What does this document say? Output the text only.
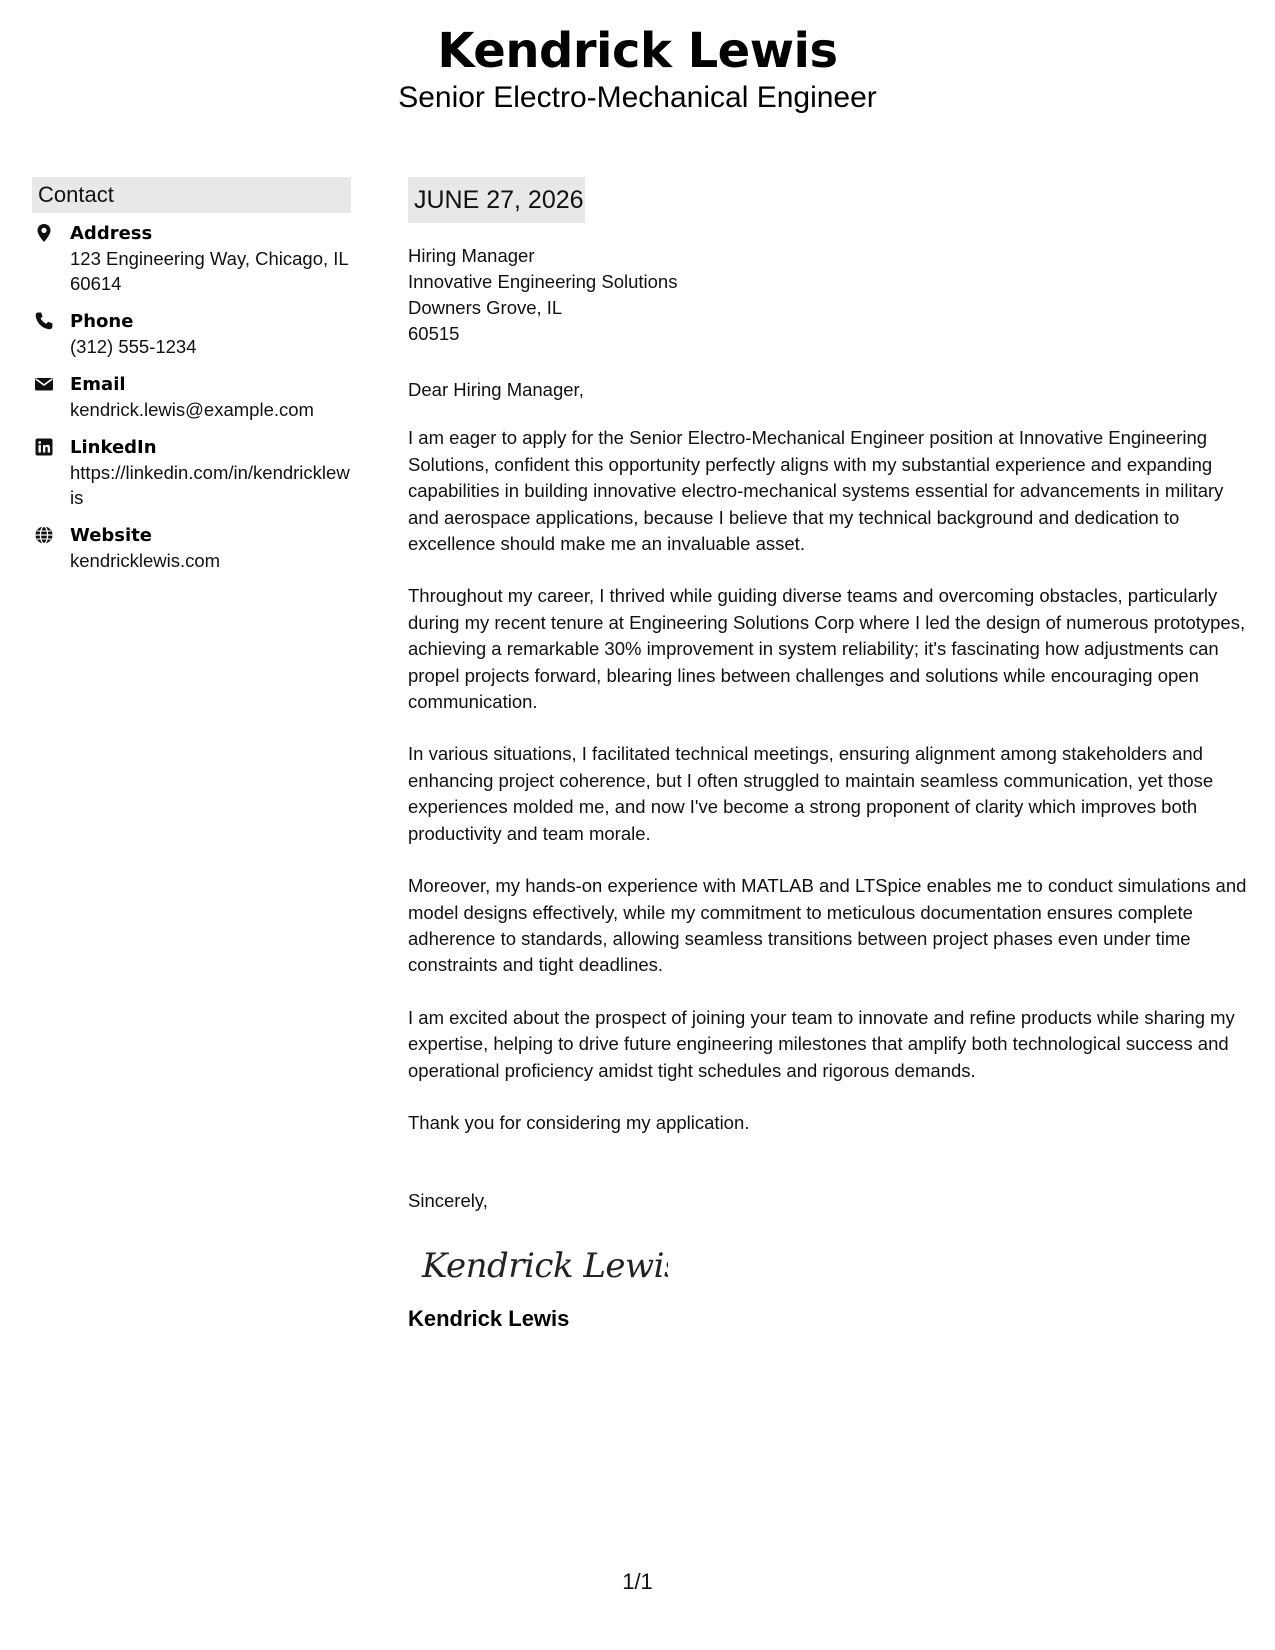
Kendrick Lewis
Senior Electro-Mechanical Engineer
Contact
Address
123 Engineering Way, Chicago, IL 60614
Phone
(312) 555-1234
Email
kendrick.lewis@example.com
LinkedIn
https://linkedin.com/in/kendricklewis
Website
kendricklewis.com
JUNE 27, 2026
Hiring Manager
Innovative Engineering Solutions
Downers Grove, IL
60515

Dear Hiring Manager,

I am eager to apply for the Senior Electro-Mechanical Engineer position at Innovative Engineering Solutions, confident this opportunity perfectly aligns with my substantial experience and expanding capabilities in building innovative electro-mechanical systems essential for advancements in military and aerospace applications, because I believe that my technical background and dedication to excellence should make me an invaluable asset.

Throughout my career, I thrived while guiding diverse teams and overcoming obstacles, particularly during my recent tenure at Engineering Solutions Corp where I led the design of numerous prototypes, achieving a remarkable 30% improvement in system reliability; it's fascinating how adjustments can propel projects forward, blearing lines between challenges and solutions while encouraging open communication.

In various situations, I facilitated technical meetings, ensuring alignment among stakeholders and enhancing project coherence, but I often struggled to maintain seamless communication, yet those experiences molded me, and now I've become a strong proponent of clarity which improves both productivity and team morale.

Moreover, my hands-on experience with MATLAB and LTSpice enables me to conduct simulations and model designs effectively, while my commitment to meticulous documentation ensures complete adherence to standards, allowing seamless transitions between project phases even under time constraints and tight deadlines.

I am excited about the prospect of joining your team to innovate and refine products while sharing my expertise, helping to drive future engineering milestones that amplify both technological success and operational proficiency amidst tight schedules and rigorous demands.

Thank you for considering my application.

Sincerely,

Kendrick Lewis
Kendrick Lewis
1/1
